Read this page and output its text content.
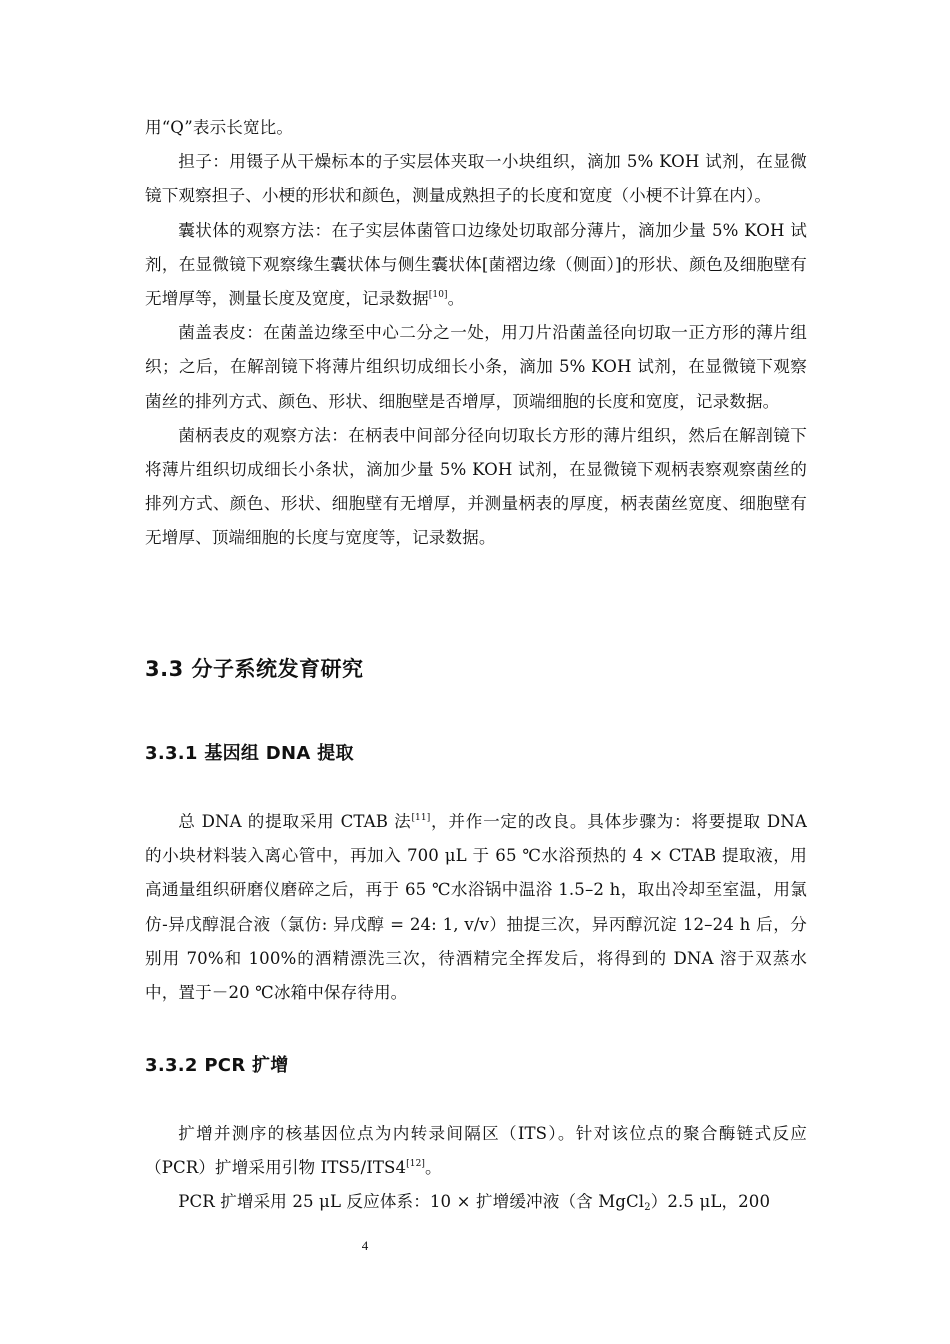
用“Q”表示长宽比。

担子：用镊子从干燥标本的子实层体夹取一小块组织，滴加 5% KOH 试剂，在显微镜下观察担子、小梗的形状和颜色，测量成熟担子的长度和宽度（小梗不计算在内）。

囊状体的观察方法：在子实层体菌管口边缘处切取部分薄片，滴加少量 5% KOH 试剂，在显微镜下观察缘生囊状体与侧生囊状体[菌褶边缘（侧面）]的形状、颜色及细胞壁有无增厚等，测量长度及宽度，记录数据[10]。

菌盖表皮：在菌盖边缘至中心二分之一处，用刀片沿菌盖径向切取一正方形的薄片组织；之后，在解剖镜下将薄片组织切成细长小条，滴加 5% KOH 试剂，在显微镜下观察菌丝的排列方式、颜色、形状、细胞壁是否增厚，顶端细胞的长度和宽度，记录数据。

菌柄表皮的观察方法：在柄表中间部分径向切取长方形的薄片组织，然后在解剖镜下将薄片组织切成细长小条状，滴加少量 5% KOH 试剂，在显微镜下观柄表察观察菌丝的排列方式、颜色、形状、细胞壁有无增厚，并测量柄表的厚度，柄表菌丝宽度、细胞壁有无增厚、顶端细胞的长度与宽度等，记录数据。

3.3 分子系统发育研究
3.3.1 基因组 DNA 提取

总 DNA 的提取采用 CTAB 法[11]，并作一定的改良。具体步骤为：将要提取 DNA 的小块材料装入离心管中，再加入 700 μL 于 65 ℃水浴预热的 4 × CTAB 提取液，用高通量组织研磨仪磨碎之后，再于 65 ℃水浴锅中温浴 1.5–2 h，取出冷却至室温，用氯仿-异戊醇混合液（氯仿: 异戊醇 = 24: 1, v/v）抽提三次，异丙醇沉淀 12–24 h 后，分别用 70%和 100%的酒精漂洗三次，待酒精完全挥发后，将得到的 DNA 溶于双蒸水中，置于－20 ℃冰箱中保存待用。

3.3.2 PCR 扩增

扩增并测序的核基因位点为内转录间隔区（ITS）。针对该位点的聚合酶链式反应（PCR）扩增采用引物 ITS5/ITS4[12]。

PCR 扩增采用 25 μL 反应体系：10 × 扩增缓冲液（含 MgCl$_2$）2.5 μL，200

4
